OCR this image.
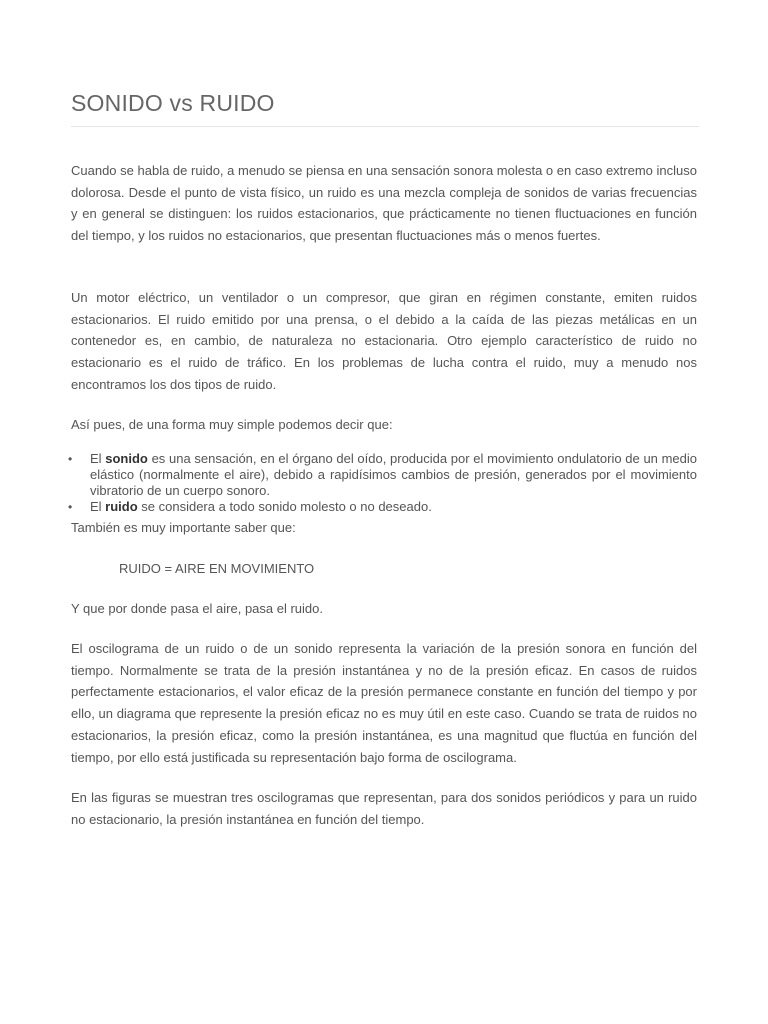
SONIDO vs RUIDO

Cuando se habla de ruido, a menudo se piensa en una sensación sonora molesta o en caso extremo incluso dolorosa. Desde el punto de vista físico, un ruido es una mezcla compleja de sonidos de varias frecuencias y en general se distinguen: los ruidos estacionarios, que prácticamente no tienen fluctuaciones en función del tiempo, y los ruidos no estacionarios, que presentan fluctuaciones más o menos fuertes.

Un motor eléctrico, un ventilador o un compresor, que giran en régimen constante, emiten ruidos estacionarios. El ruido emitido por una prensa, o el debido a la caída de las piezas metálicas en un contenedor es, en cambio, de naturaleza no estacionaria. Otro ejemplo característico de ruido no estacionario es el ruido de tráfico. En los problemas de lucha contra el ruido, muy a menudo nos encontramos los dos tipos de ruido.

Así pues, de una forma muy simple podemos decir que:

• El sonido es una sensación, en el órgano del oído, producida por el movimiento ondulatorio de un medio elástico (normalmente el aire), debido a rapidísimos cambios de presión, generados por el movimiento vibratorio de un cuerpo sonoro.
• El ruido se considera a todo sonido molesto o no deseado.

También es muy importante saber que:

RUIDO = AIRE EN MOVIMIENTO

Y que por donde pasa el aire, pasa el ruido.

El oscilograma de un ruido o de un sonido representa la variación de la presión sonora en función del tiempo. Normalmente se trata de la presión instantánea y no de la presión eficaz. En casos de ruidos perfectamente estacionarios, el valor eficaz de la presión permanece constante en función del tiempo y por ello, un diagrama que represente la presión eficaz no es muy útil en este caso. Cuando se trata de ruidos no estacionarios, la presión eficaz, como la presión instantánea, es una magnitud que fluctúa en función del tiempo, por ello está justificada su representación bajo forma de oscilograma.

En las figuras se muestran tres oscilogramas que representan, para dos sonidos periódicos y para un ruido no estacionario, la presión instantánea en función del tiempo.
